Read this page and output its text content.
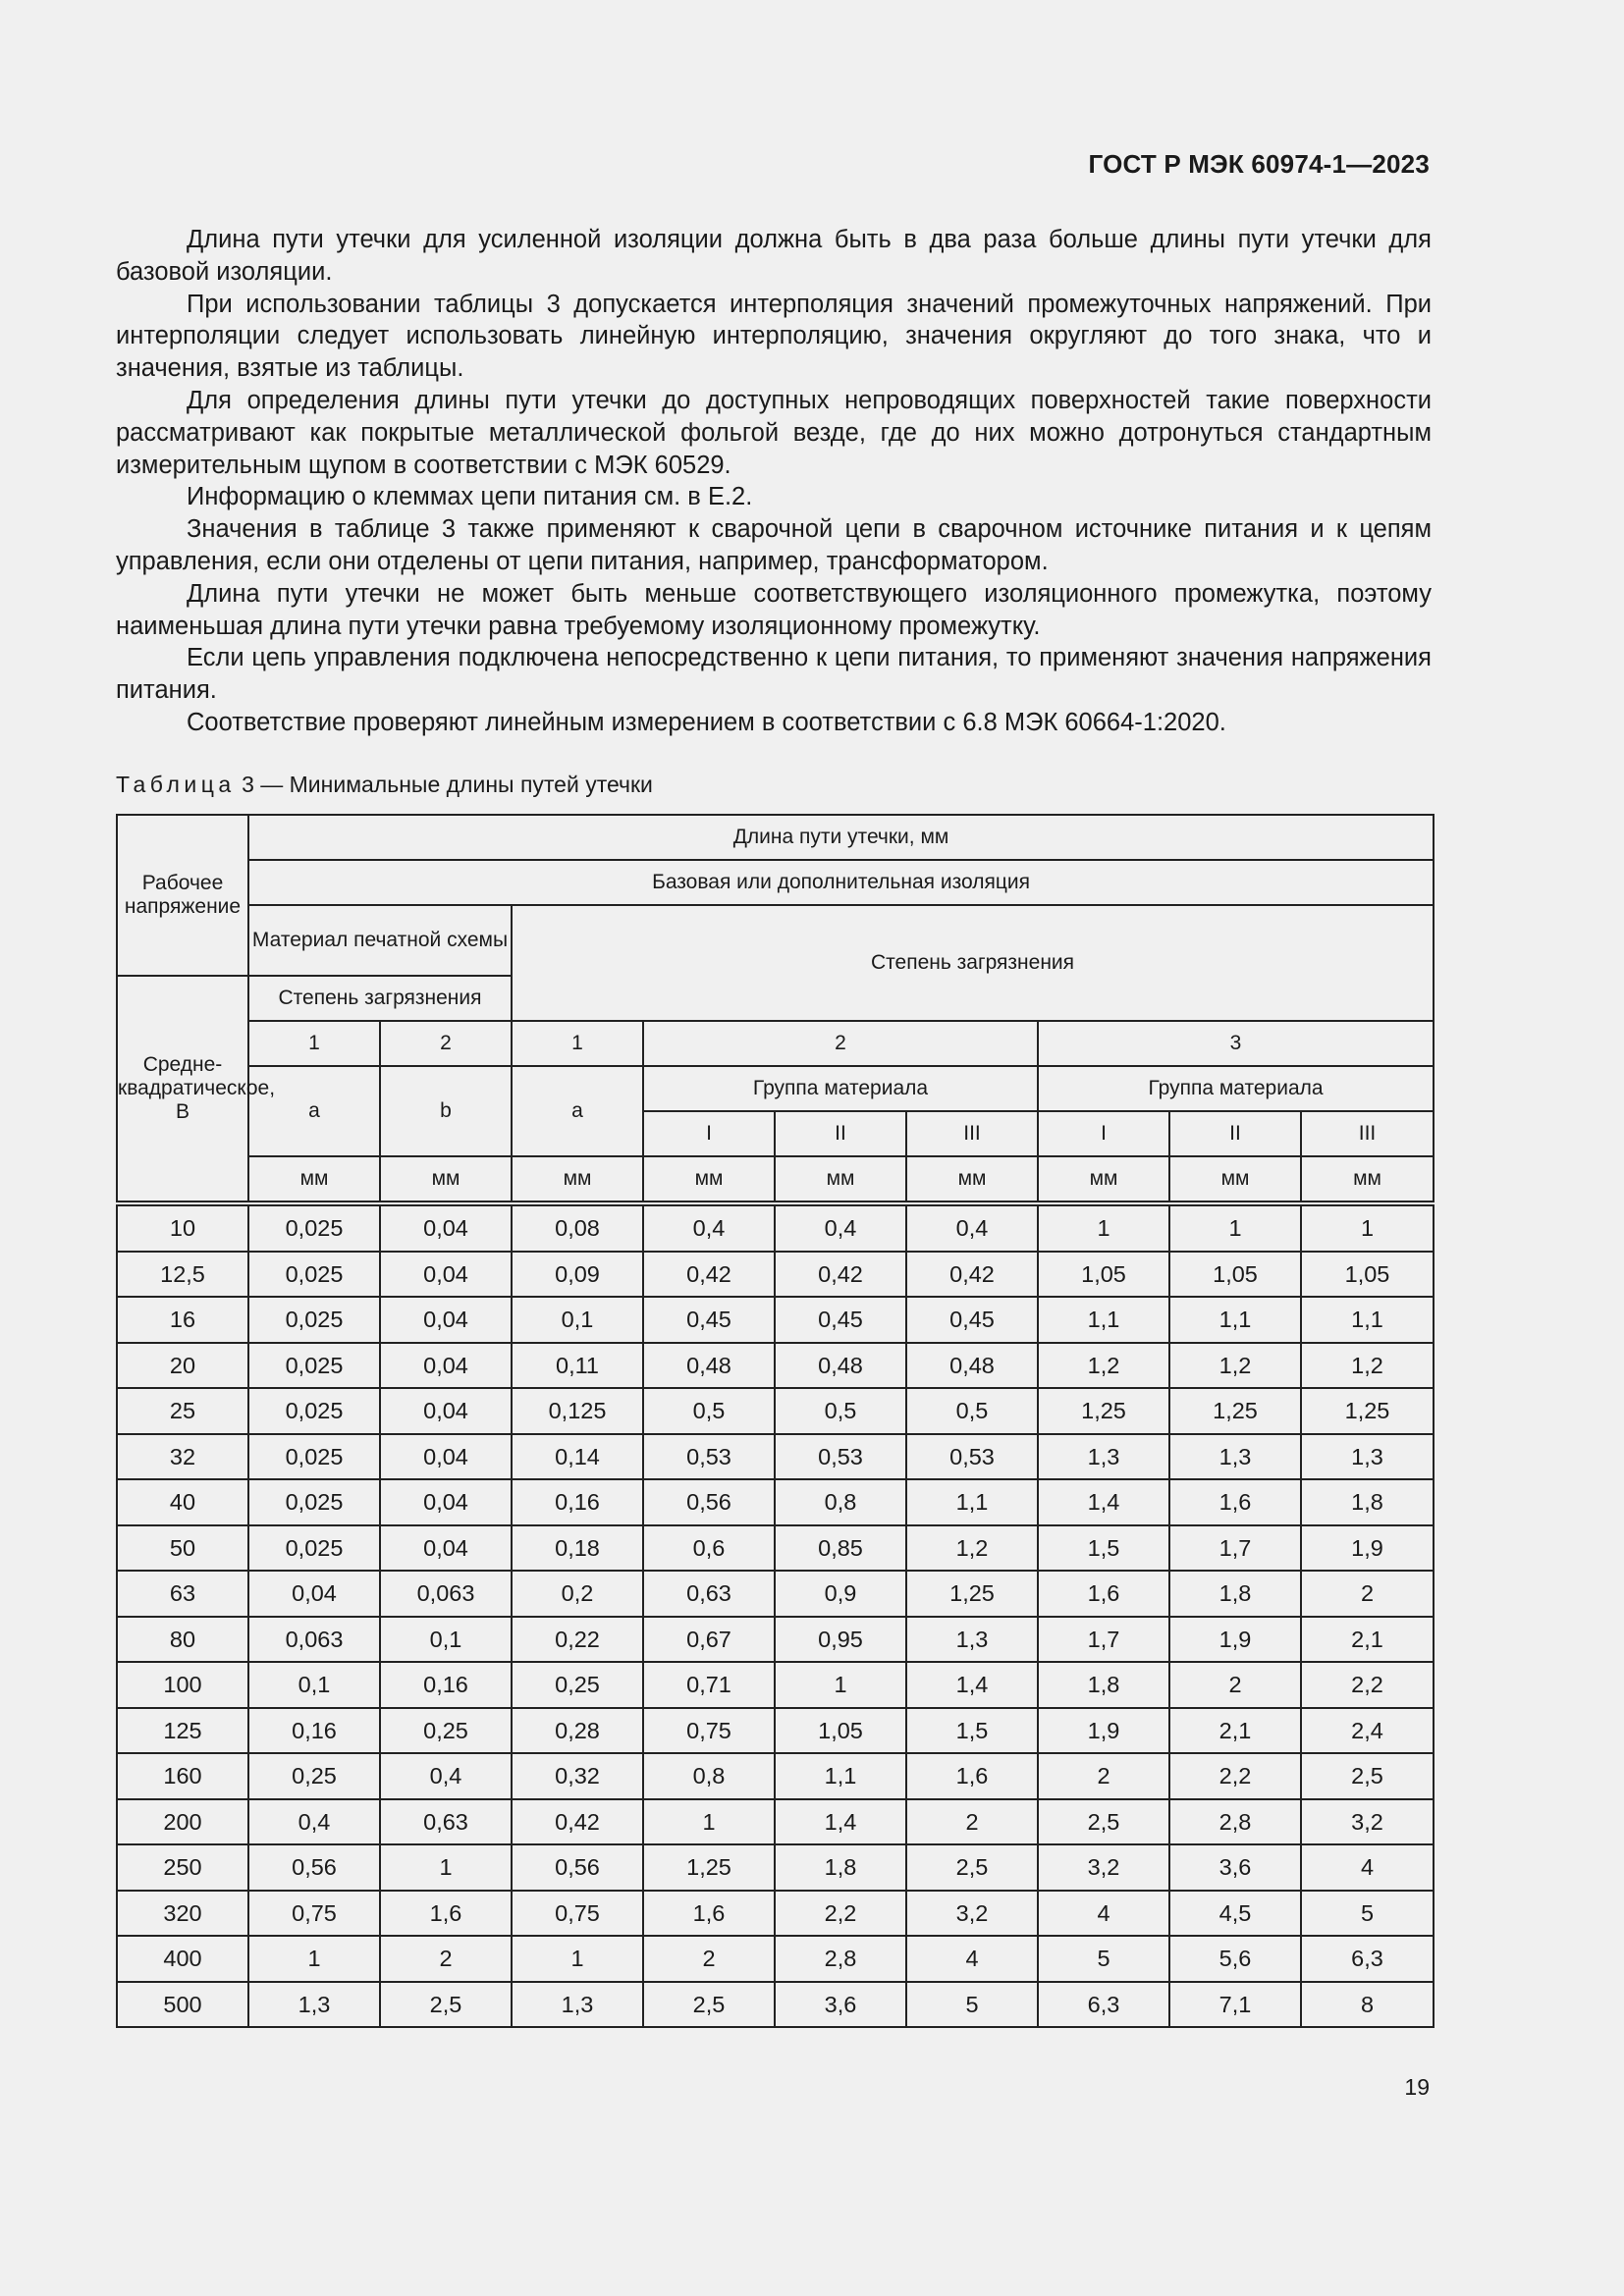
ГОСТ Р МЭК 60974-1—2023

Длина пути утечки для усиленной изоляции должна быть в два раза больше длины пути утечки для базовой изоляции.

При использовании таблицы 3 допускается интерполяция значений промежуточных напряжений. При интерполяции следует использовать линейную интерполяцию, значения округляют до того знака, что и значения, взятые из таблицы.

Для определения длины пути утечки до доступных непроводящих поверхностей такие поверхности рассматривают как покрытые металлической фольгой везде, где до них можно дотронуться стандартным измерительным щупом в соответствии с МЭК 60529.

Информацию о клеммах цепи питания см. в Е.2.

Значения в таблице 3 также применяют к сварочной цепи в сварочном источнике питания и к цепям управления, если они отделены от цепи питания, например, трансформатором.

Длина пути утечки не может быть меньше соответствующего изоляционного промежутка, поэтому наименьшая длина пути утечки равна требуемому изоляционному промежутку.

Если цепь управления подключена непосредственно к цепи питания, то применяют значения напряжения питания.

Соответствие проверяют линейным измерением в соответствии с 6.8 МЭК 60664-1:2020.

Таблица 3 — Минимальные длины путей утечки
Рабочее напряжение	Длина пути утечки, мм								
	Базовая или дополнительная изоляция								
	Материал печатной схемы		Степень загрязнения						
Средне-квадратическое, В	Степень загрязнения								
	1	2	1	2			3		
	a	b	a	Группа материала			Группа материала		
				I	II	III	I	II	III
	мм	мм	мм	мм	мм	мм	мм	мм	мм
10	0,025	0,04	0,08	0,4	0,4	0,4	1	1	1
12,5	0,025	0,04	0,09	0,42	0,42	0,42	1,05	1,05	1,05
16	0,025	0,04	0,1	0,45	0,45	0,45	1,1	1,1	1,1
20	0,025	0,04	0,11	0,48	0,48	0,48	1,2	1,2	1,2
25	0,025	0,04	0,125	0,5	0,5	0,5	1,25	1,25	1,25
32	0,025	0,04	0,14	0,53	0,53	0,53	1,3	1,3	1,3
40	0,025	0,04	0,16	0,56	0,8	1,1	1,4	1,6	1,8
50	0,025	0,04	0,18	0,6	0,85	1,2	1,5	1,7	1,9
63	0,04	0,063	0,2	0,63	0,9	1,25	1,6	1,8	2
80	0,063	0,1	0,22	0,67	0,95	1,3	1,7	1,9	2,1
100	0,1	0,16	0,25	0,71	1	1,4	1,8	2	2,2
125	0,16	0,25	0,28	0,75	1,05	1,5	1,9	2,1	2,4
160	0,25	0,4	0,32	0,8	1,1	1,6	2	2,2	2,5
200	0,4	0,63	0,42	1	1,4	2	2,5	2,8	3,2
250	0,56	1	0,56	1,25	1,8	2,5	3,2	3,6	4
320	0,75	1,6	0,75	1,6	2,2	3,2	4	4,5	5
400	1	2	1	2	2,8	4	5	5,6	6,3
500	1,3	2,5	1,3	2,5	3,6	5	6,3	7,1	8
19
